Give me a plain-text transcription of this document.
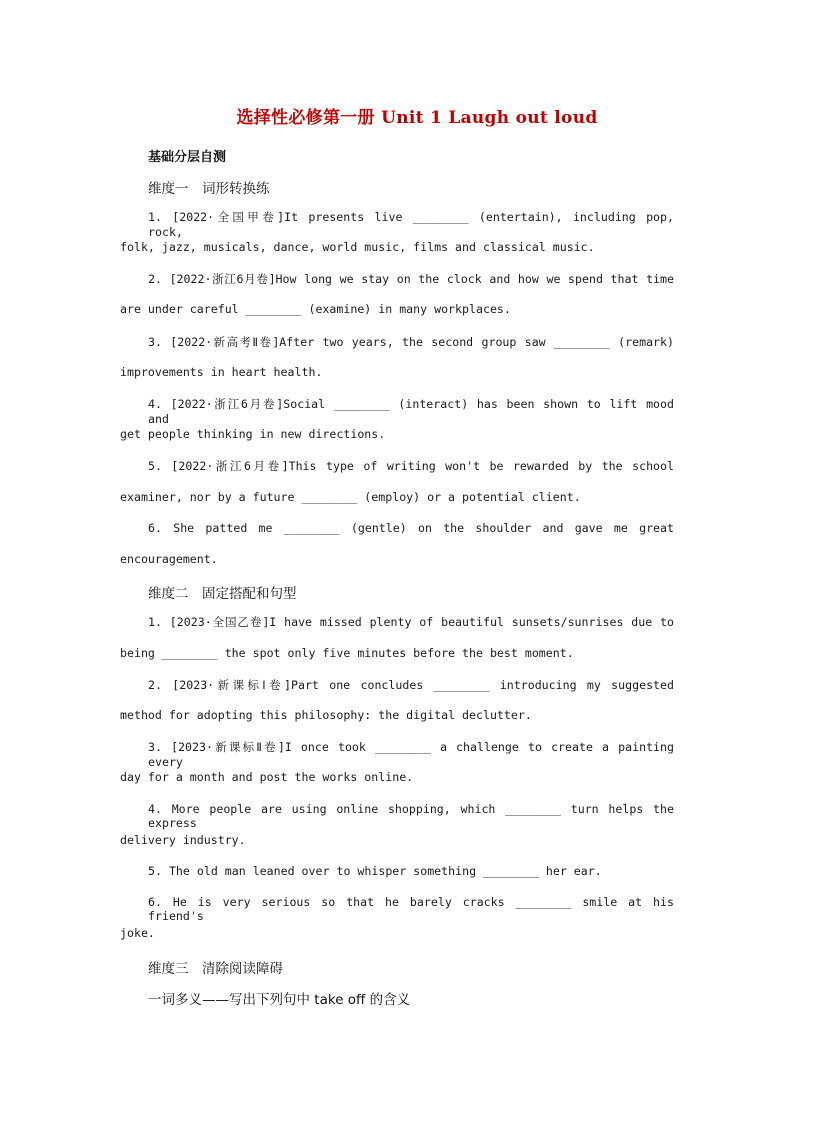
选择性必修第一册 Unit 1 Laugh out loud
基础分层自测
维度一　词形转换练
1. [2022·全国甲卷]It presents live ________ (entertain), including pop, rock,
folk, jazz, musicals, dance, world music, films and classical music.
2. [2022·浙江6月卷]How long we stay on the clock and how we spend that time
are under careful ________ (examine) in many workplaces.
3. [2022·新高考Ⅱ卷]After two years, the second group saw ________ (remark)
improvements in heart health.
4. [2022·浙江6月卷]Social ________ (interact) has been shown to lift mood and
get people thinking in new directions.
5. [2022·浙江6月卷]This type of writing won't be rewarded by the school
examiner, nor by a future ________ (employ) or a potential client.
6. She patted me ________ (gentle) on the shoulder and gave me great
encouragement.
维度二　固定搭配和句型
1. [2023·全国乙卷]I have missed plenty of beautiful sunsets/sunrises due to
being ________ the spot only five minutes before the best moment.
2. [2023·新课标Ⅰ卷]Part one concludes ________ introducing my suggested
method for adopting this philosophy: the digital declutter.
3. [2023·新课标Ⅱ卷]I once took ________ a challenge to create a painting every
day for a month and post the works online.
4. More people are using online shopping, which ________ turn helps the express
delivery industry.
5. The old man leaned over to whisper something ________ her ear.
6. He is very serious so that he barely cracks ________ smile at his friend's
joke.
维度三　清除阅读障碍
一词多义——写出下列句中 take off 的含义
